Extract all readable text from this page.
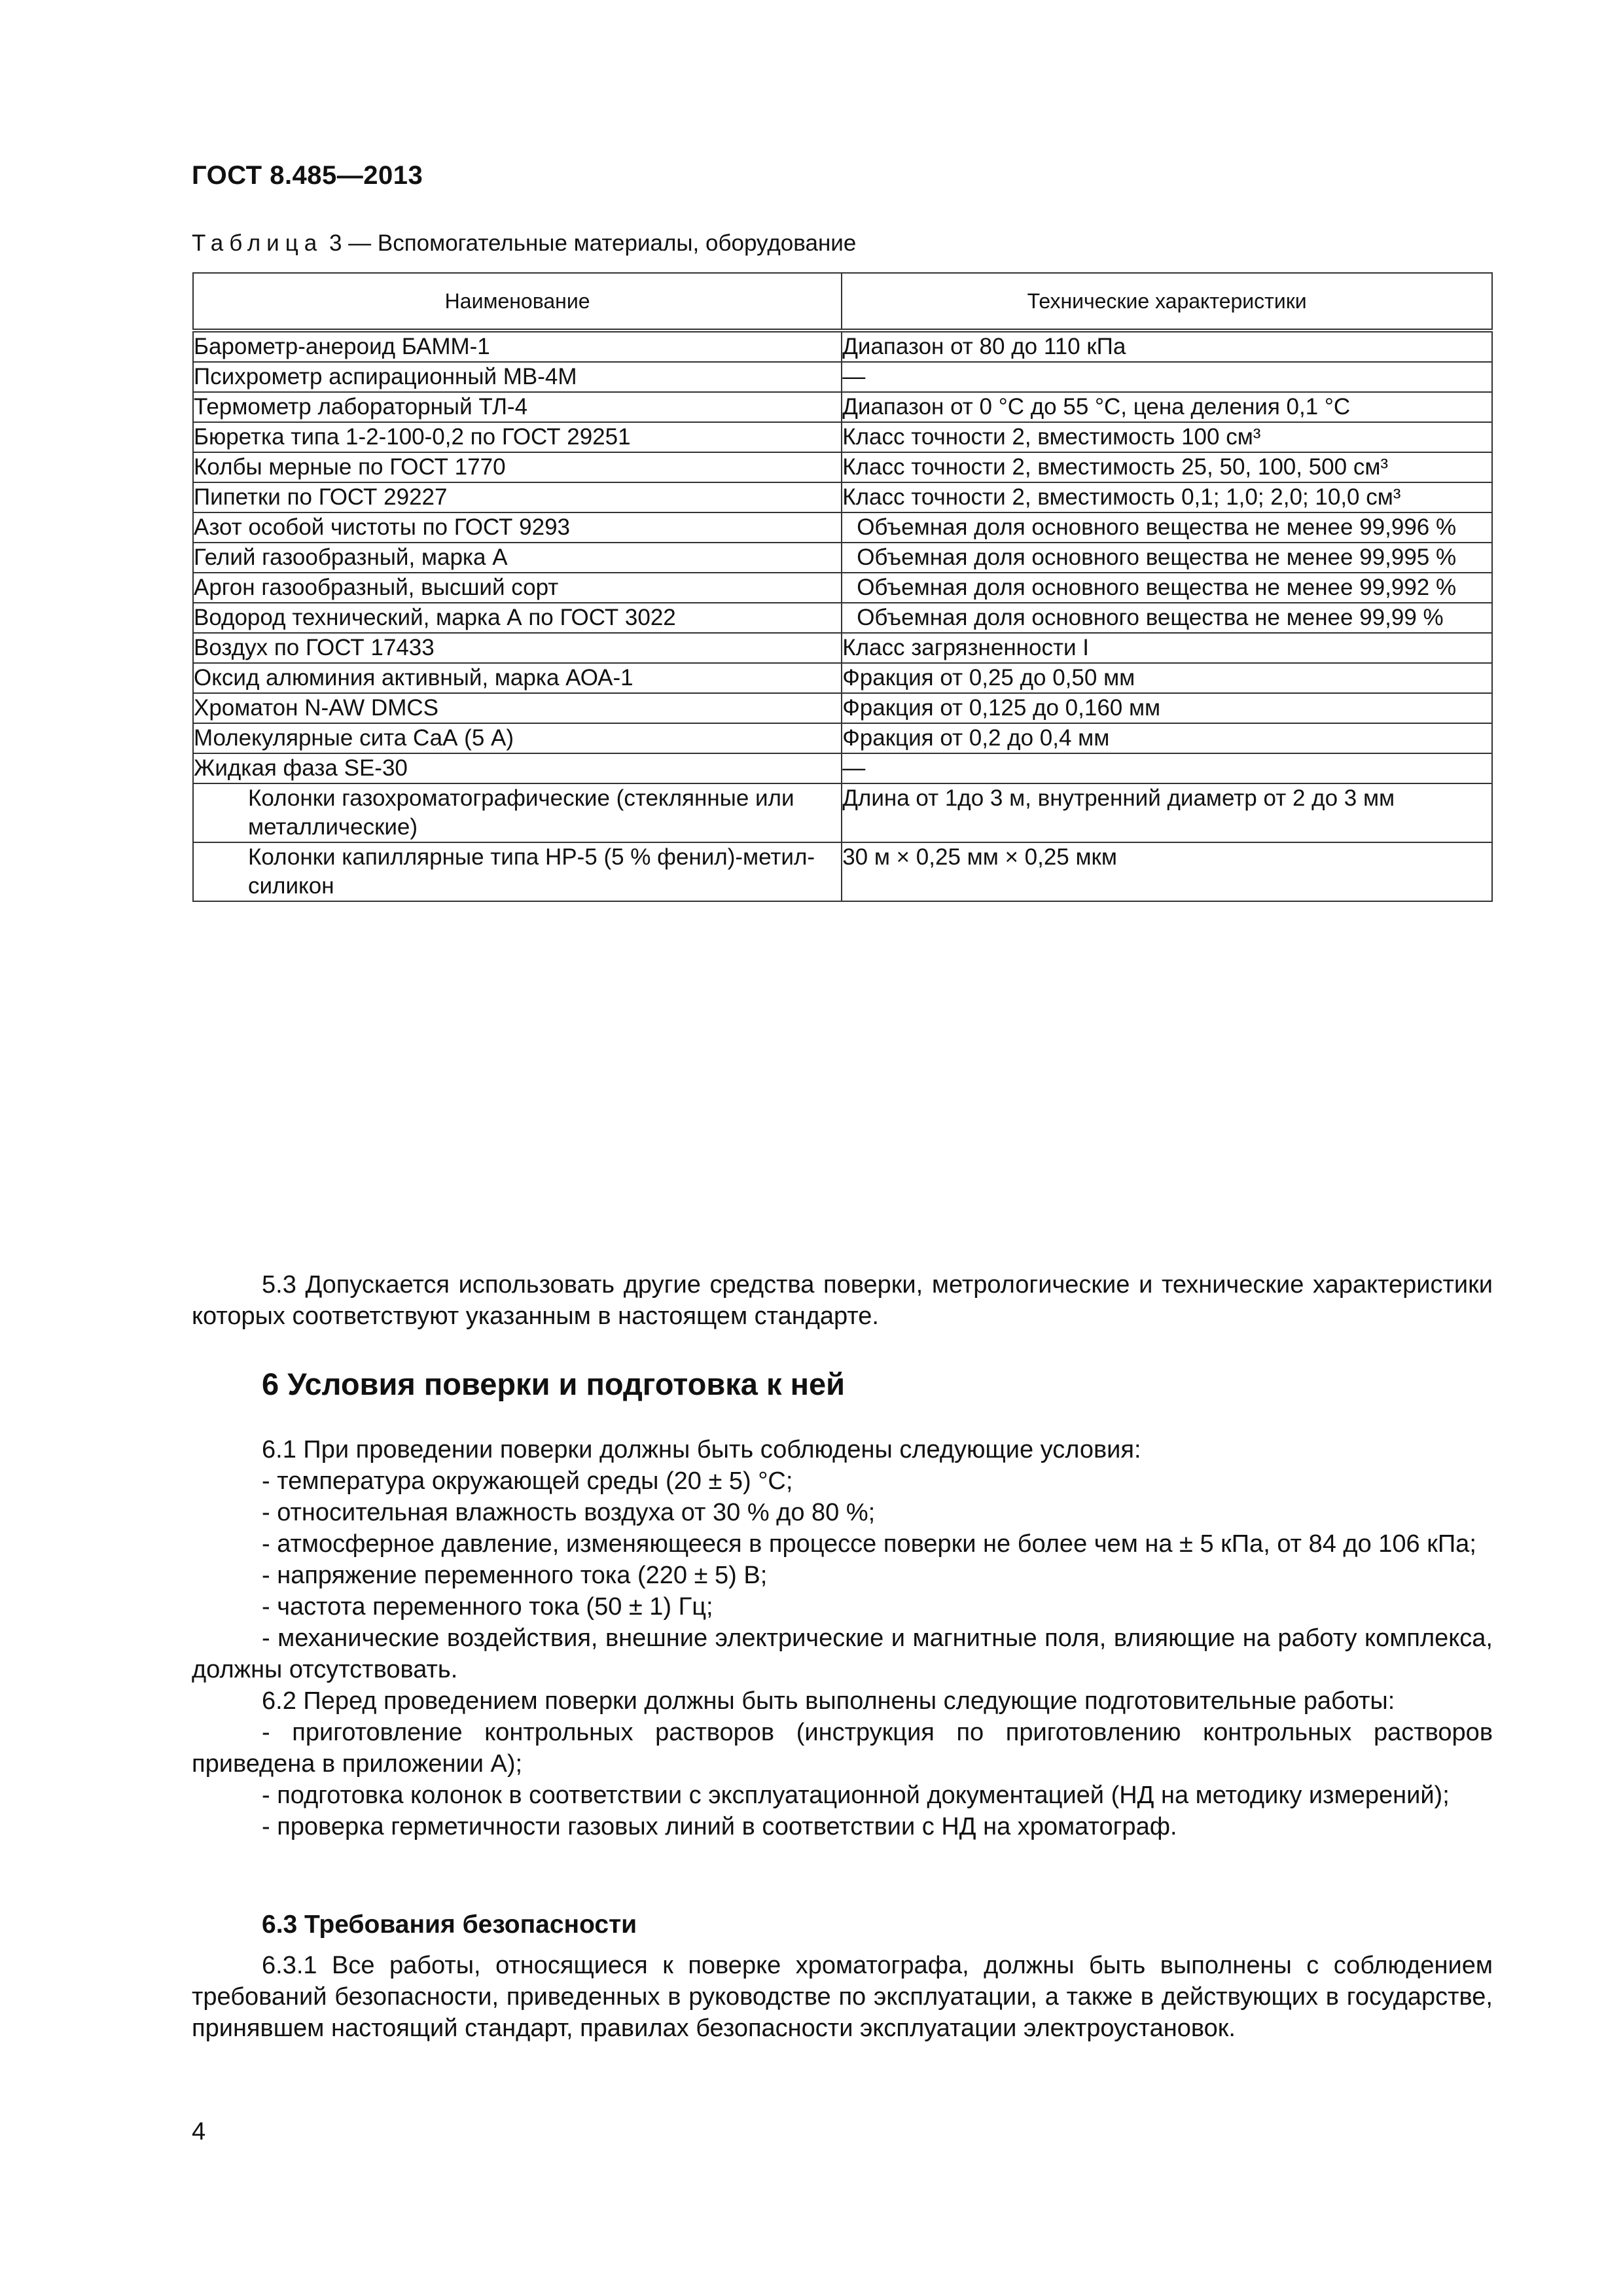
ГОСТ 8.485—2013
Таблица 3 — Вспомогательные материалы, оборудование
Наименование	Технические характеристики
Барометр-анероид БАММ-1	Диапазон от 80 до 110 кПа
Психрометр аспирационный МВ-4М	—
Термометр лабораторный ТЛ-4	Диапазон от 0 °С до 55 °С, цена деления 0,1 °С
Бюретка типа 1-2-100-0,2 по ГОСТ 29251	Класс точности 2, вместимость 100 см³
Колбы мерные по ГОСТ 1770	Класс точности 2, вместимость 25, 50, 100, 500 см³
Пипетки по ГОСТ 29227	Класс точности 2, вместимость 0,1; 1,0; 2,0; 10,0 см³
Азот особой чистоты по ГОСТ 9293	Объемная доля основного вещества не менее 99,996 %
Гелий газообразный, марка А	Объемная доля основного вещества не менее 99,995 %
Аргон газообразный, высший сорт	Объемная доля основного вещества не менее 99,992 %
Водород технический, марка А по ГОСТ 3022	Объемная доля основного вещества не менее 99,99 %
Воздух по ГОСТ 17433	Класс загрязненности I
Оксид алюминия активный, марка АОА-1	Фракция от 0,25 до 0,50 мм
Хроматон N-AW DMCS	Фракция от 0,125 до 0,160 мм
Молекулярные сита СаА (5 А)	Фракция от 0,2 до 0,4 мм
Жидкая фаза SE-30	—

Колонки газохроматографические (стеклянные или металлические)	Длина от 1до 3 м, внутренний диаметр от 2 до 3 мм

Колонки капиллярные типа НР-5 (5 % фенил)-метил-силикон	30 м × 0,25 мм × 0,25 мкм
5.3 Допускается использовать другие средства поверки, метрологические и технические характеристики которых соответствуют указанным в настоящем стандарте.
6 Условия поверки и подготовка к ней
6.1 При проведении поверки должны быть соблюдены следующие условия:
- температура окружающей среды (20 ± 5) °С;
- относительная влажность воздуха от 30 % до 80 %;
- атмосферное давление, изменяющееся в процессе поверки не более чем на ± 5 кПа, от 84 до 106 кПа;
- напряжение переменного тока (220 ± 5) В;
- частота переменного тока (50 ± 1) Гц;
- механические воздействия, внешние электрические и магнитные поля, влияющие на работу комплекса, должны отсутствовать.
6.2 Перед проведением поверки должны быть выполнены следующие подготовительные работы:
- приготовление контрольных растворов (инструкция по приготовлению контрольных растворов приведена в приложении А);
- подготовка колонок в соответствии с эксплуатационной документацией (НД на методику измерений);
- проверка герметичности газовых линий в соответствии с НД на хроматограф.
6.3 Требования безопасности
6.3.1 Все работы, относящиеся к поверке хроматографа, должны быть выполнены с соблюдением требований безопасности, приведенных в руководстве по эксплуатации, а также в действующих в государстве, принявшем настоящий стандарт, правилах безопасности эксплуатации электроустановок.
4
